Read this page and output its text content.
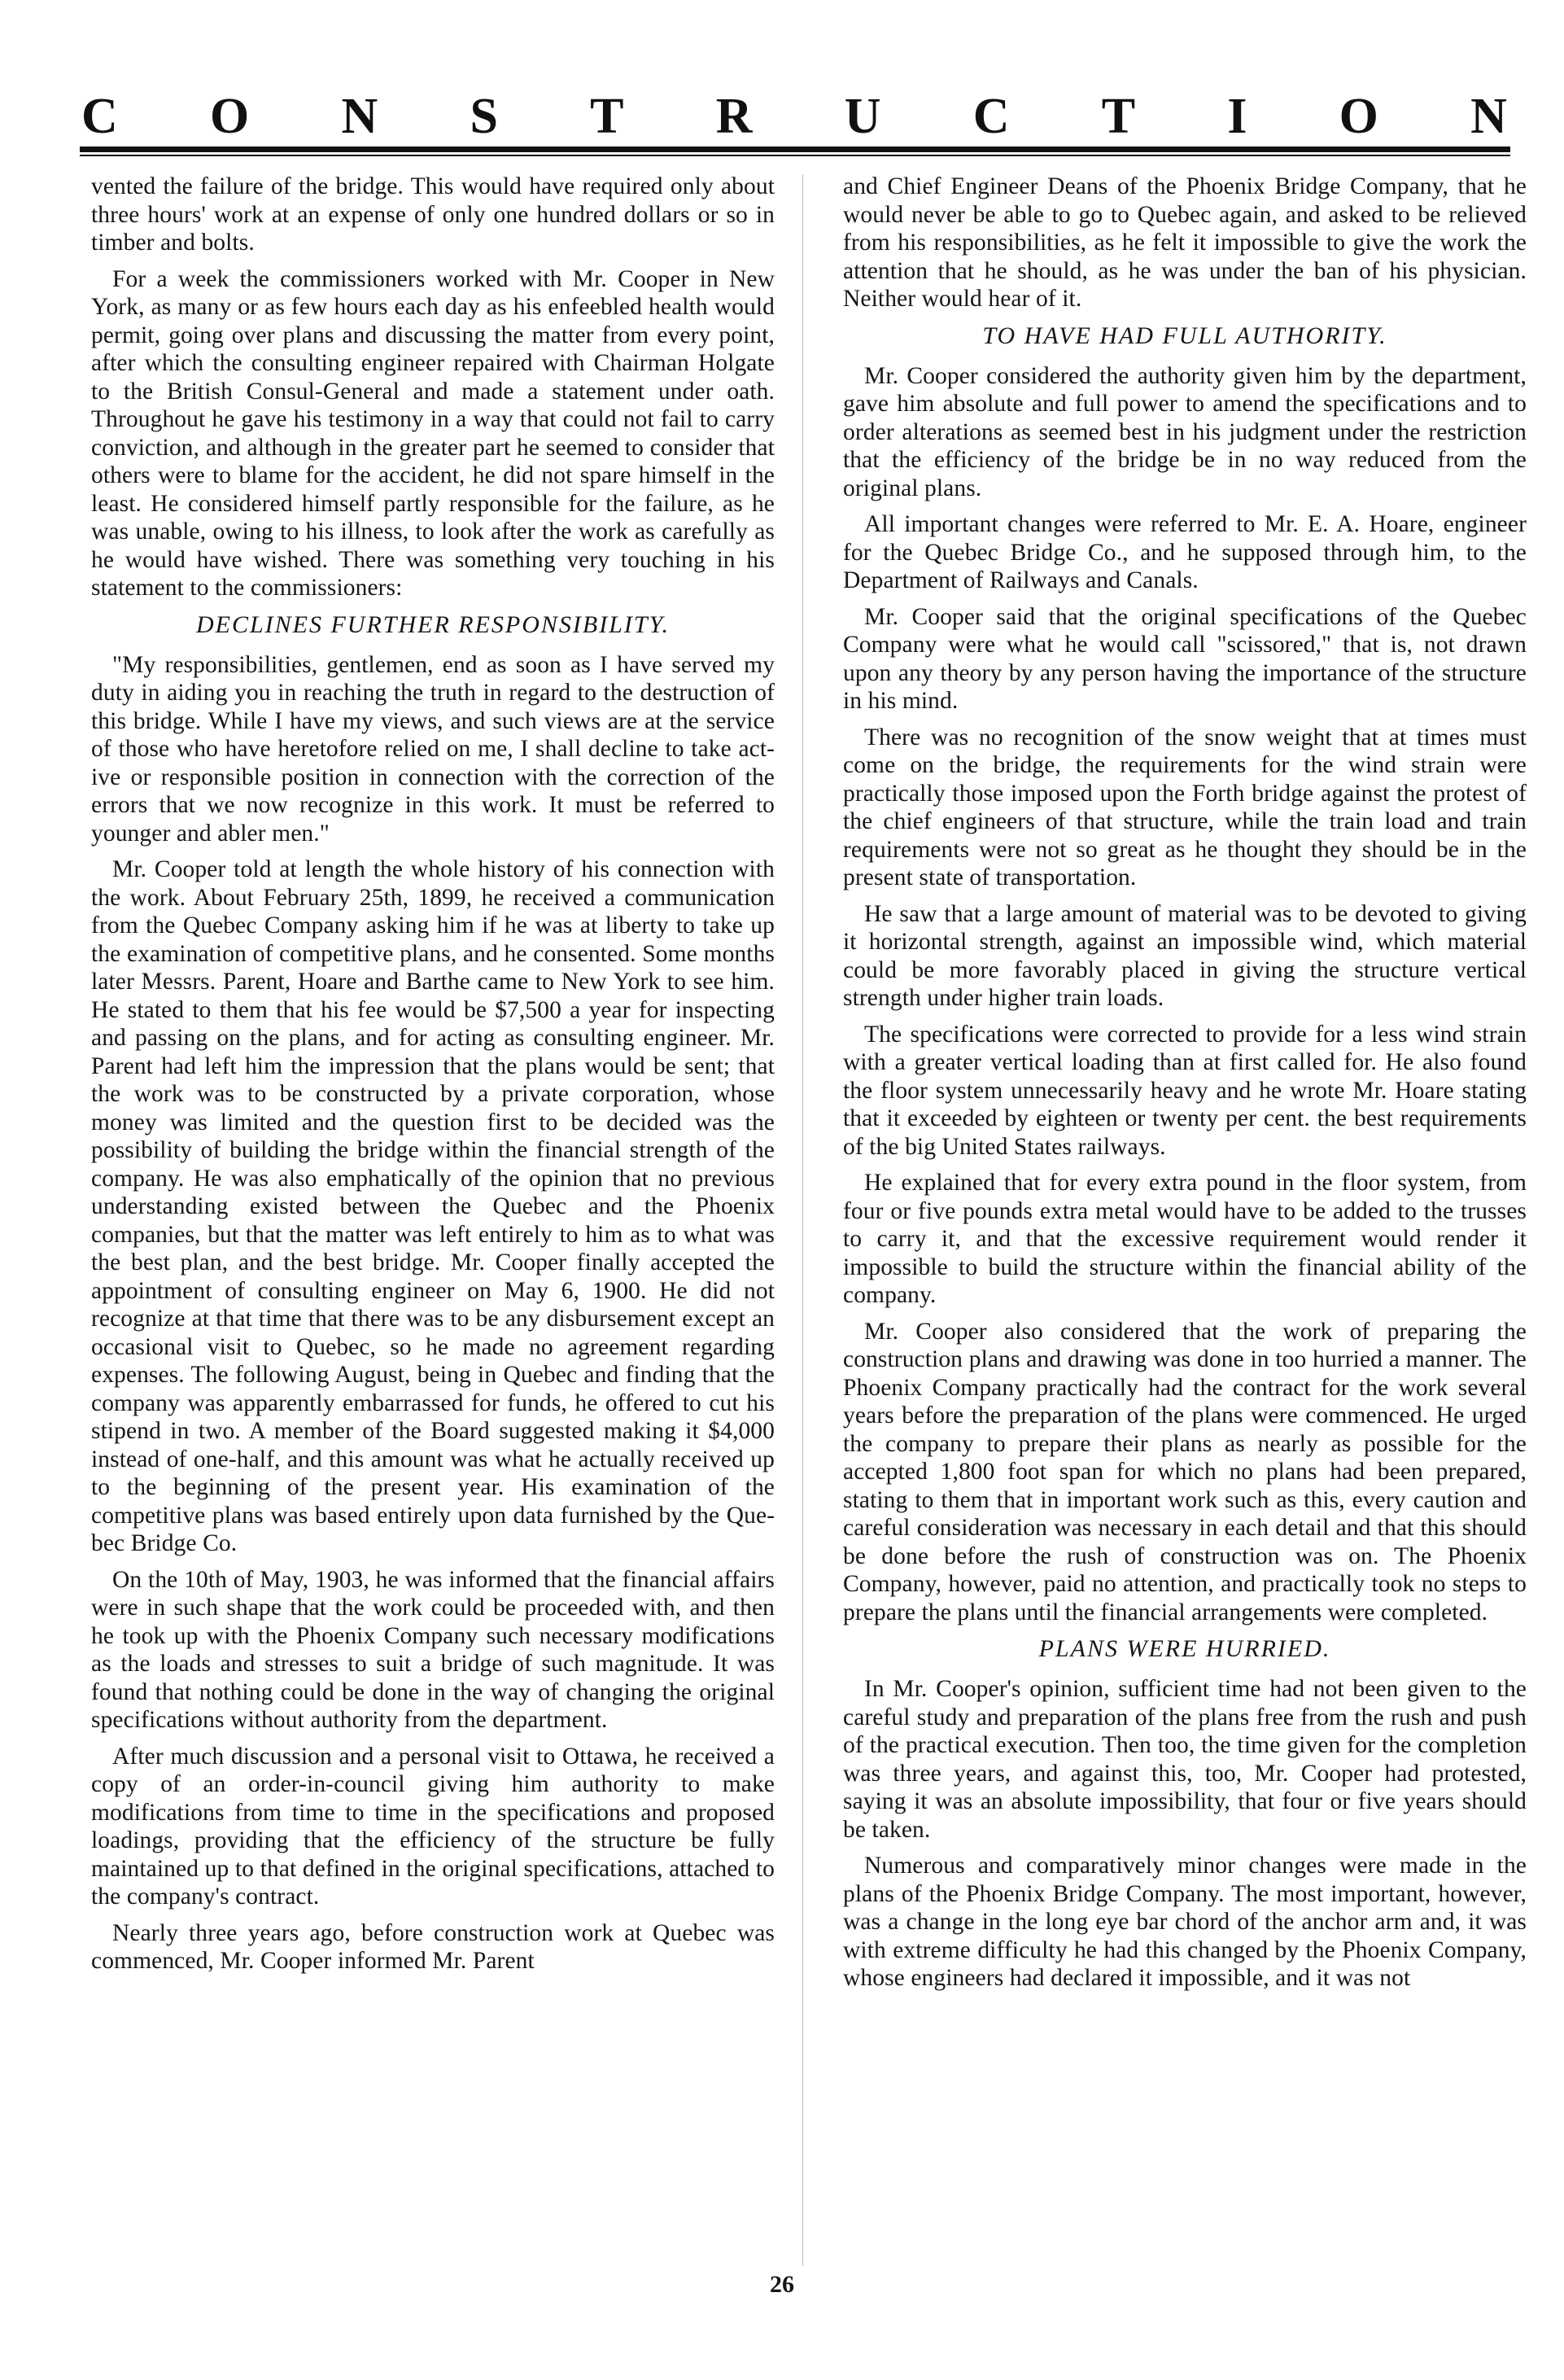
C O N S T R U C T I O N

vented the failure of the bridge. This would have required only about three hours' work at an expense of only one hundred dollars or so in timber and bolts.

For a week the commissioners worked with Mr. Cooper in New York, as many or as few hours each day as his enfeebled health would permit, going over plans and discussing the matter from every point, after which the consulting engineer repaired with Chairman Holgate to the British Consul-General and made a statement under oath. Throughout he gave his testimony in a way that could not fail to carry conviction, and although in the greater part he seemed to consider that others were to blame for the accident, he did not spare himself in the least. He considered himself partly responsible for the failure, as he was unable, owing to his illness, to look after the work as carefully as he would have wished. There was something very touching in his statement to the commissioners:

DECLINES FURTHER RESPONSIBILITY.

"My responsibilities, gentlemen, end as soon as I have served my duty in aiding you in reaching the truth in regard to the destruction of this bridge. While I have my views, and such views are at the service of those who have heretofore relied on me, I shall decline to take active or responsible position in connection with the correction of the errors that we now recognize in this work. It must be referred to younger and abler men."

Mr. Cooper told at length the whole history of his connection with the work. About February 25th, 1899, he received a communication from the Quebec Company asking him if he was at liberty to take up the examination of competitive plans, and he consented. Some months later Messrs. Parent, Hoare and Barthe came to New York to see him. He stated to them that his fee would be $7,500 a year for inspecting and passing on the plans, and for acting as consulting engineer. Mr. Parent had left him the impression that the plans would be sent; that the work was to be constructed by a private corporation, whose money was limited and the question first to be decided was the possibility of building the bridge within the financial strength of the company. He was also emphatically of the opinion that no previous understanding existed between the Quebec and the Phoenix companies, but that the matter was left entirely to him as to what was the best plan, and the best bridge. Mr. Cooper finally accepted the appointment of consulting engineer on May 6, 1900. He did not recognize at that time that there was to be any disbursement except an occasional visit to Quebec, so he made no agreement regarding expenses. The following August, being in Quebec and finding that the company was apparently embarrassed for funds, he offered to cut his stipend in two. A member of the Board suggested making it $4,000 instead of one-half, and this amount was what he actually received up to the beginning of the present year. His examination of the competitive plans was based entirely upon data furnished by the Quebec Bridge Co.

On the 10th of May, 1903, he was informed that the financial affairs were in such shape that the work could be proceeded with, and then he took up with the Phoenix Company such necessary modifications as the loads and stresses to suit a bridge of such magnitude. It was found that nothing could be done in the way of changing the original specifications without authority from the department.

After much discussion and a personal visit to Ottawa, he received a copy of an order-in-council giving him authority to make modifications from time to time in the specifications and proposed loadings, providing that the efficiency of the structure be fully maintained up to that defined in the original specifications, attached to the company's contract.

Nearly three years ago, before construction work at Quebec was commenced, Mr. Cooper informed Mr. Parent

and Chief Engineer Deans of the Phoenix Bridge Company, that he would never be able to go to Quebec again, and asked to be relieved from his responsibilities, as he felt it impossible to give the work the attention that he should, as he was under the ban of his physician. Neither would hear of it.

TO HAVE HAD FULL AUTHORITY.

Mr. Cooper considered the authority given him by the department, gave him absolute and full power to amend the specifications and to order alterations as seemed best in his judgment under the restriction that the efficiency of the bridge be in no way reduced from the original plans.

All important changes were referred to Mr. E. A. Hoare, engineer for the Quebec Bridge Co., and he supposed through him, to the Department of Railways and Canals.

Mr. Cooper said that the original specifications of the Quebec Company were what he would call "scissored," that is, not drawn upon any theory by any person having the importance of the structure in his mind.

There was no recognition of the snow weight that at times must come on the bridge, the requirements for the wind strain were practically those imposed upon the Forth bridge against the protest of the chief engineers of that structure, while the train load and train requirements were not so great as he thought they should be in the present state of transportation.

He saw that a large amount of material was to be devoted to giving it horizontal strength, against an impossible wind, which material could be more favorably placed in giving the structure vertical strength under higher train loads.

The specifications were corrected to provide for a less wind strain with a greater vertical loading than at first called for. He also found the floor system unnecessarily heavy and he wrote Mr. Hoare stating that it exceeded by eighteen or twenty per cent. the best requirements of the big United States railways.

He explained that for every extra pound in the floor system, from four or five pounds extra metal would have to be added to the trusses to carry it, and that the excessive requirement would render it impossible to build the structure within the financial ability of the company.

Mr. Cooper also considered that the work of preparing the construction plans and drawing was done in too hurried a manner. The Phoenix Company practically had the contract for the work several years before the preparation of the plans were commenced. He urged the company to prepare their plans as nearly as possible for the accepted 1,800 foot span for which no plans had been prepared, stating to them that in important work such as this, every caution and careful consideration was necessary in each detail and that this should be done before the rush of construction was on. The Phoenix Company, however, paid no attention, and practically took no steps to prepare the plans until the financial arrangements were completed.

PLANS WERE HURRIED.

In Mr. Cooper's opinion, sufficient time had not been given to the careful study and preparation of the plans free from the rush and push of the practical execution. Then too, the time given for the completion was three years, and against this, too, Mr. Cooper had protested, saying it was an absolute impossibility, that four or five years should be taken.

Numerous and comparatively minor changes were made in the plans of the Phoenix Bridge Company. The most important, however, was a change in the long eye bar chord of the anchor arm and, it was with extreme difficulty he had this changed by the Phoenix Company, whose engineers had declared it impossible, and it was not

26
